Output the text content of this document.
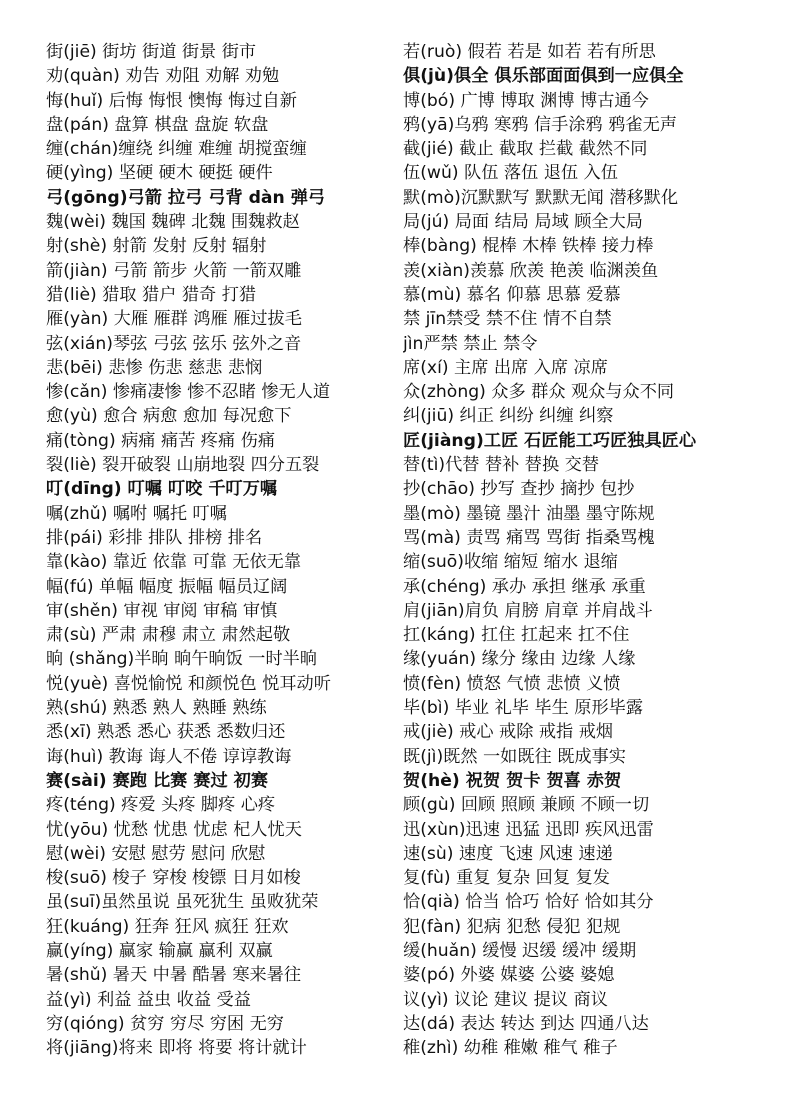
街(jiē) 街坊 街道 街景 街市
劝(quàn) 劝告 劝阻 劝解 劝勉
悔(huǐ) 后悔 悔恨 懊悔 悔过自新
盘(pán) 盘算 棋盘 盘旋 软盘
缠(chán)缠绕 纠缠 难缠 胡搅蛮缠
硬(yìng) 坚硬 硬木 硬挺 硬件
弓(gōng)弓箭 拉弓 弓背 dàn 弹弓
魏(wèi) 魏国 魏碑 北魏 围魏救赵
射(shè) 射箭 发射 反射 辐射
箭(jiàn) 弓箭 箭步 火箭 一箭双雕
猎(liè) 猎取 猎户 猎奇 打猎
雁(yàn) 大雁 雁群 鸿雁 雁过拔毛
弦(xián)琴弦 弓弦 弦乐 弦外之音
悲(bēi) 悲惨 伤悲 慈悲 悲悯
惨(cǎn) 惨痛凄惨 惨不忍睹 惨无人道
愈(yù) 愈合 病愈 愈加 每况愈下
痛(tòng) 病痛 痛苦 疼痛 伤痛
裂(liè) 裂开破裂 山崩地裂 四分五裂
叮(dīng) 叮嘱 叮咬 千叮万嘱
嘱(zhǔ) 嘱咐 嘱托 叮嘱
排(pái) 彩排 排队 排榜 排名
靠(kào) 靠近 依靠 可靠 无依无靠
幅(fú) 单幅 幅度 振幅 幅员辽阔
审(shěn) 审视 审阅 审稿 审慎
肃(sù) 严肃 肃穆 肃立 肃然起敬
晌 (shǎng)半晌 晌午晌饭 一时半晌
悦(yuè) 喜悦愉悦 和颜悦色 悦耳动听
熟(shú) 熟悉 熟人 熟睡 熟练
悉(xī) 熟悉 悉心 获悉 悉数归还
诲(huì) 教诲 诲人不倦 谆谆教诲
赛(sài) 赛跑 比赛 赛过 初赛
疼(téng) 疼爱 头疼 脚疼 心疼
忧(yōu) 忧愁 忧患 忧虑 杞人忧天
慰(wèi) 安慰 慰劳 慰问 欣慰
梭(suō) 梭子 穿梭 梭镖 日月如梭
虽(suī)虽然虽说 虽死犹生 虽败犹荣
狂(kuáng) 狂奔 狂风 疯狂 狂欢
赢(yíng) 赢家 输赢 赢利 双赢
暑(shǔ) 暑天 中暑 酷暑 寒来暑往
益(yì) 利益 益虫 收益 受益
穷(qióng) 贫穷 穷尽 穷困 无穷
将(jiāng)将来 即将 将要 将计就计
若(ruò) 假若 若是 如若 若有所思
俱(jù)俱全 俱乐部面面俱到一应俱全
博(bó) 广博 博取 渊博 博古通今
鸦(yā)乌鸦 寒鸦 信手涂鸦 鸦雀无声
截(jié) 截止 截取 拦截 截然不同
伍(wǔ) 队伍 落伍 退伍 入伍
默(mò)沉默默写 默默无闻 潜移默化
局(jú) 局面 结局 局域 顾全大局
棒(bàng) 棍棒 木棒 铁棒 接力棒
羡(xiàn)羡慕 欣羡 艳羡 临渊羡鱼
慕(mù) 慕名 仰慕 思慕 爱慕
禁 jīn禁受 禁不住 情不自禁
jìn严禁 禁止 禁令
席(xí) 主席 出席 入席 凉席
众(zhòng) 众多 群众 观众与众不同
纠(jiū) 纠正 纠纷 纠缠 纠察
匠(jiàng)工匠 石匠能工巧匠独具匠心
替(tì)代替 替补 替换 交替
抄(chāo) 抄写 查抄 摘抄 包抄
墨(mò) 墨镜 墨汁 油墨 墨守陈规
骂(mà) 责骂 痛骂 骂街 指桑骂槐
缩(suō)收缩 缩短 缩水 退缩
承(chéng) 承办 承担 继承 承重
肩(jiān)肩负 肩膀 肩章 并肩战斗
扛(káng) 扛住 扛起来 扛不住
缘(yuán) 缘分 缘由 边缘 人缘
愤(fèn) 愤怒 气愤 悲愤 义愤
毕(bì) 毕业 礼毕 毕生 原形毕露
戒(jiè) 戒心 戒除 戒指 戒烟
既(jì)既然 一如既往 既成事实
贺(hè) 祝贺 贺卡 贺喜 赤贺
顾(gù) 回顾 照顾 兼顾 不顾一切
迅(xùn)迅速 迅猛 迅即 疾风迅雷
速(sù) 速度 飞速 风速 速递
复(fù) 重复 复杂 回复 复发
恰(qià) 恰当 恰巧 恰好 恰如其分
犯(fàn) 犯病 犯愁 侵犯 犯规
缓(huǎn) 缓慢 迟缓 缓冲 缓期
婆(pó) 外婆 媒婆 公婆 婆媳
议(yì) 议论 建议 提议 商议
达(dá) 表达 转达 到达 四通八达
稚(zhì) 幼稚 稚嫩 稚气 稚子
